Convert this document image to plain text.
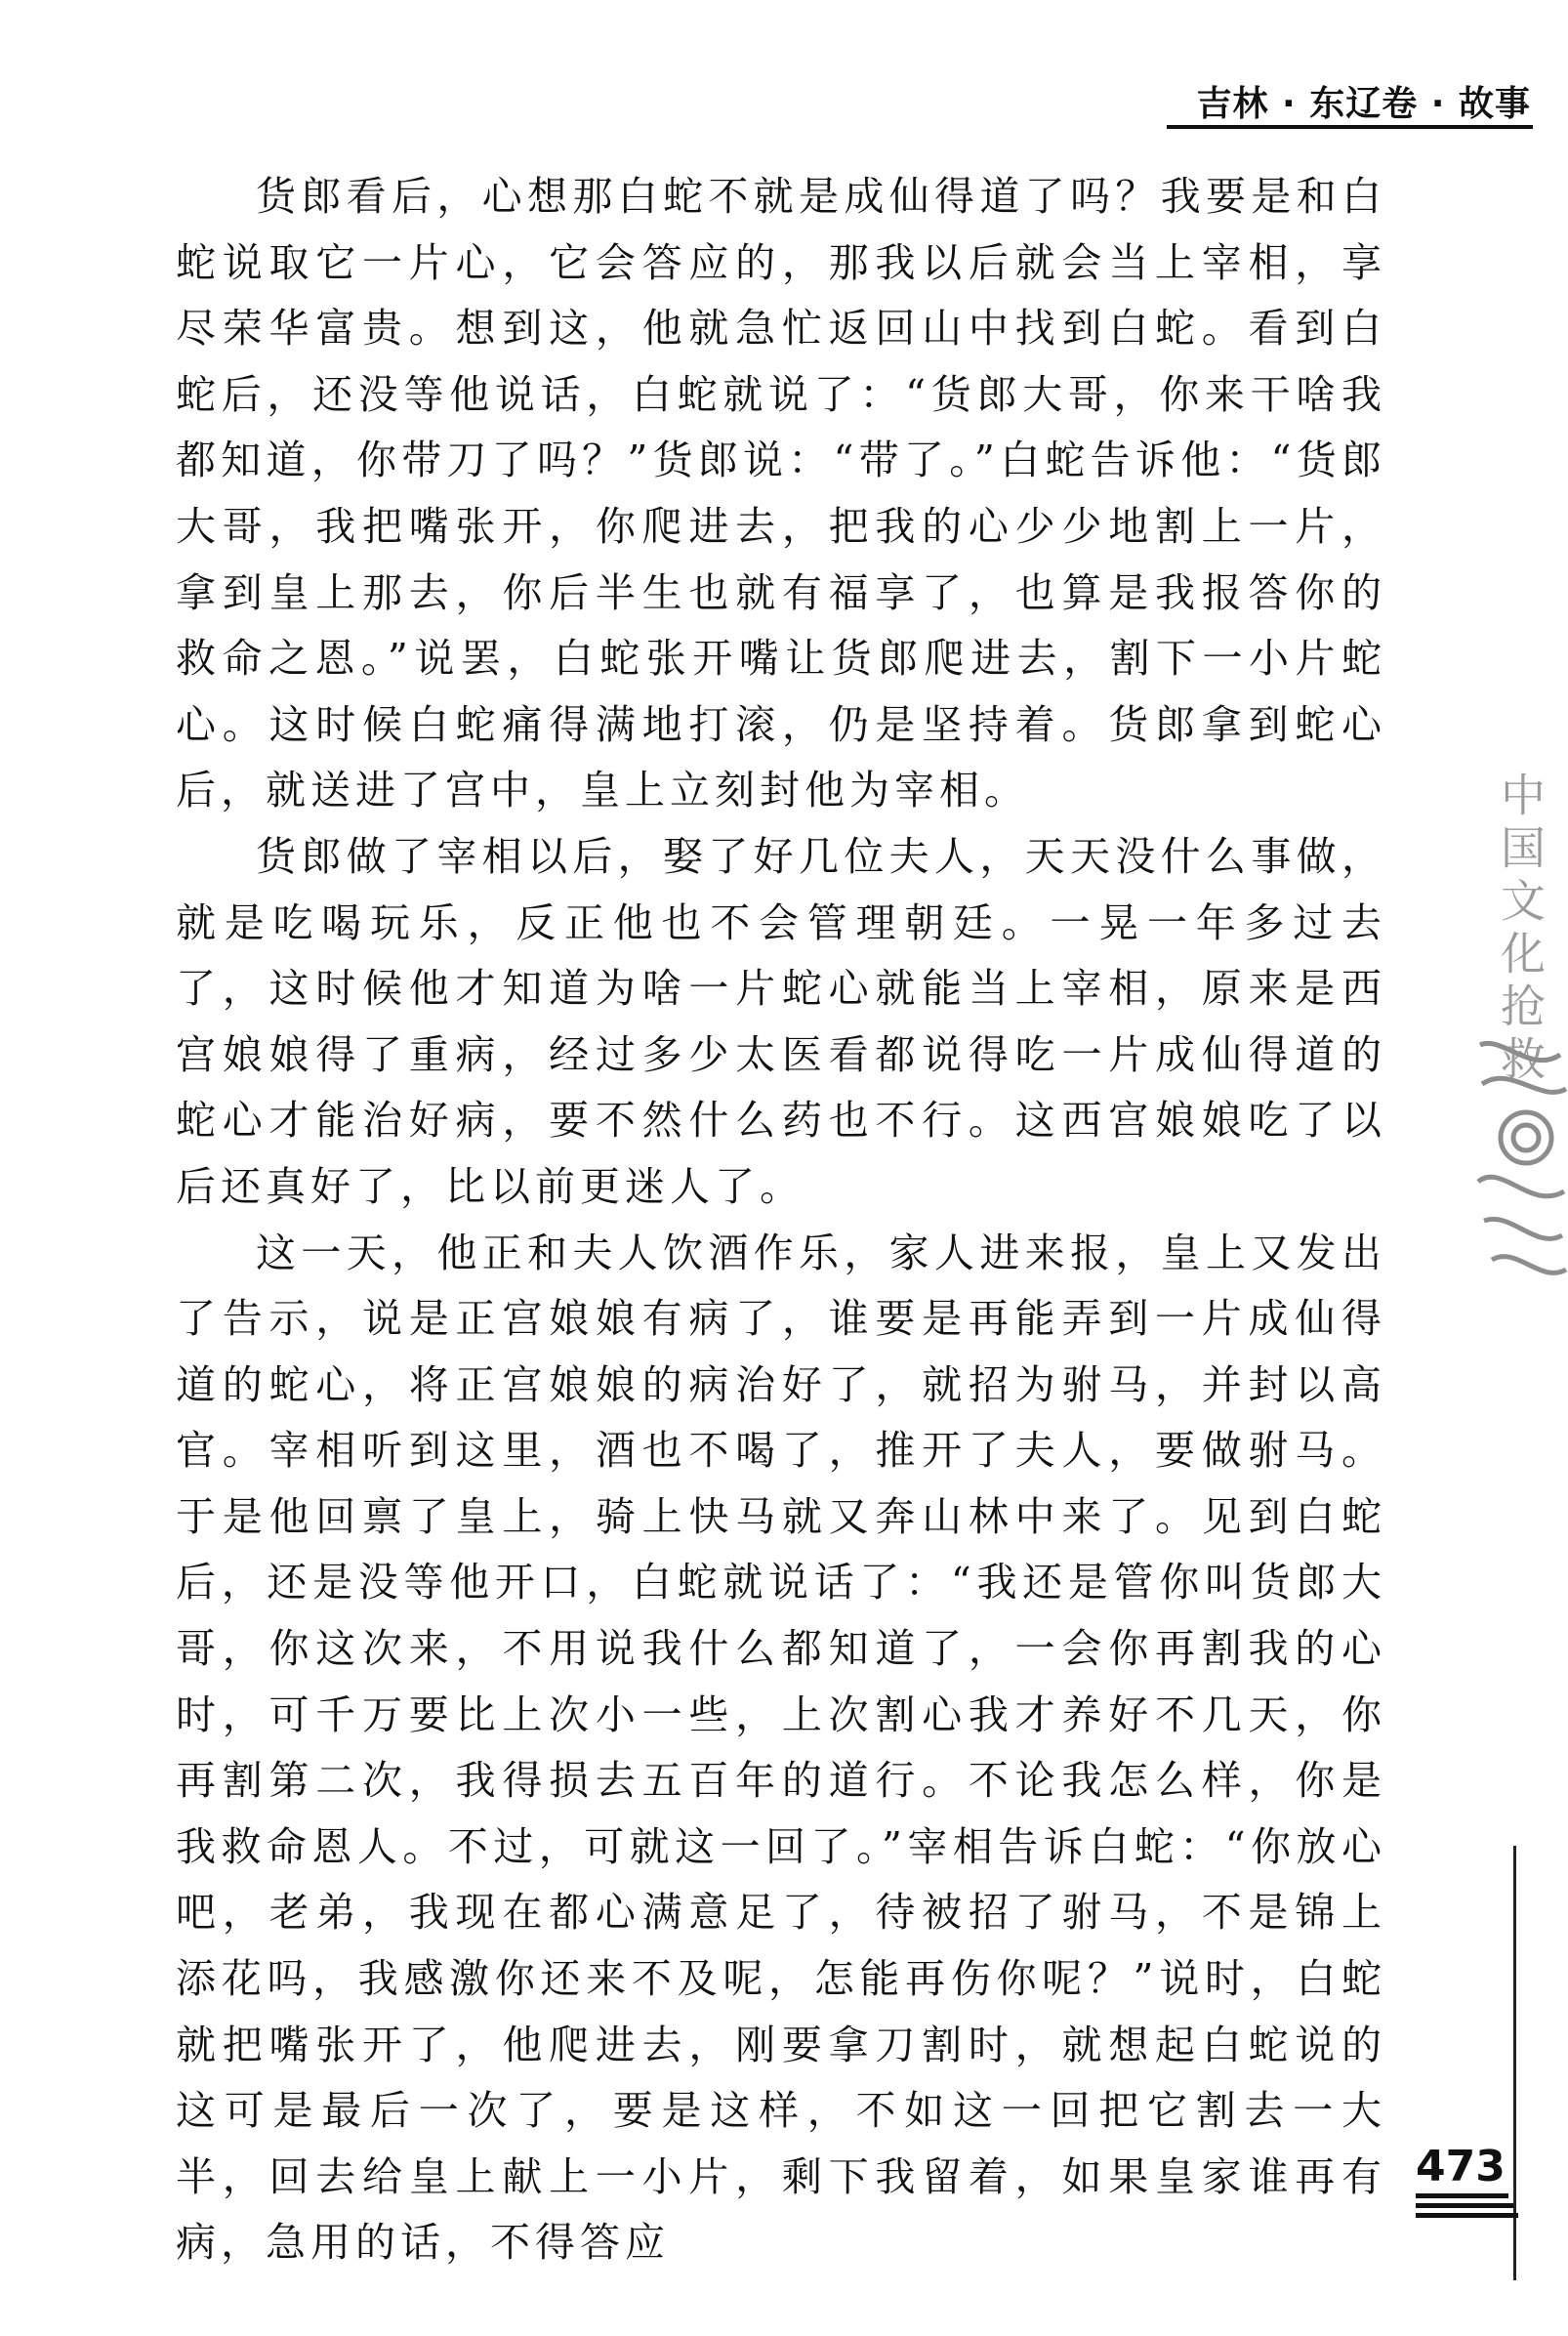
吉林 · 东辽卷 · 故事

货郎看后，心想那白蛇不就是成仙得道了吗？我要是和白蛇说取它一片心，它会答应的，那我以后就会当上宰相，享尽荣华富贵。想到这，他就急忙返回山中找到白蛇。看到白蛇后，还没等他说话，白蛇就说了：“货郎大哥，你来干啥我都知道，你带刀了吗？”货郎说：“带了。”白蛇告诉他：“货郎大哥，我把嘴张开，你爬进去，把我的心少少地割上一片，拿到皇上那去，你后半生也就有福享了，也算是我报答你的救命之恩。”说罢，白蛇张开嘴让货郎爬进去，割下一小片蛇心。这时候白蛇痛得满地打滚，仍是坚持着。货郎拿到蛇心后，就送进了宫中，皇上立刻封他为宰相。

货郎做了宰相以后，娶了好几位夫人，天天没什么事做，就是吃喝玩乐，反正他也不会管理朝廷。一晃一年多过去了，这时候他才知道为啥一片蛇心就能当上宰相，原来是西宫娘娘得了重病，经过多少太医看都说得吃一片成仙得道的蛇心才能治好病，要不然什么药也不行。这西宫娘娘吃了以后还真好了，比以前更迷人了。

这一天，他正和夫人饮酒作乐，家人进来报，皇上又发出了告示，说是正宫娘娘有病了，谁要是再能弄到一片成仙得道的蛇心，将正宫娘娘的病治好了，就招为驸马，并封以高官。宰相听到这里，酒也不喝了，推开了夫人，要做驸马。于是他回禀了皇上，骑上快马就又奔山林中来了。见到白蛇后，还是没等他开口，白蛇就说话了：“我还是管你叫货郎大哥，你这次来，不用说我什么都知道了，一会你再割我的心时，可千万要比上次小一些，上次割心我才养好不几天，你再割第二次，我得损去五百年的道行。不论我怎么样，你是我救命恩人。不过，可就这一回了。”宰相告诉白蛇：“你放心吧，老弟，我现在都心满意足了，待被招了驸马，不是锦上添花吗，我感激你还来不及呢，怎能再伤你呢？”说时，白蛇就把嘴张开了，他爬进去，刚要拿刀割时，就想起白蛇说的这可是最后一次了，要是这样，不如这一回把它割去一大半，回去给皇上献上一小片，剩下我留着，如果皇家谁再有病，急用的话，不得答应

中国文化抢救
473
